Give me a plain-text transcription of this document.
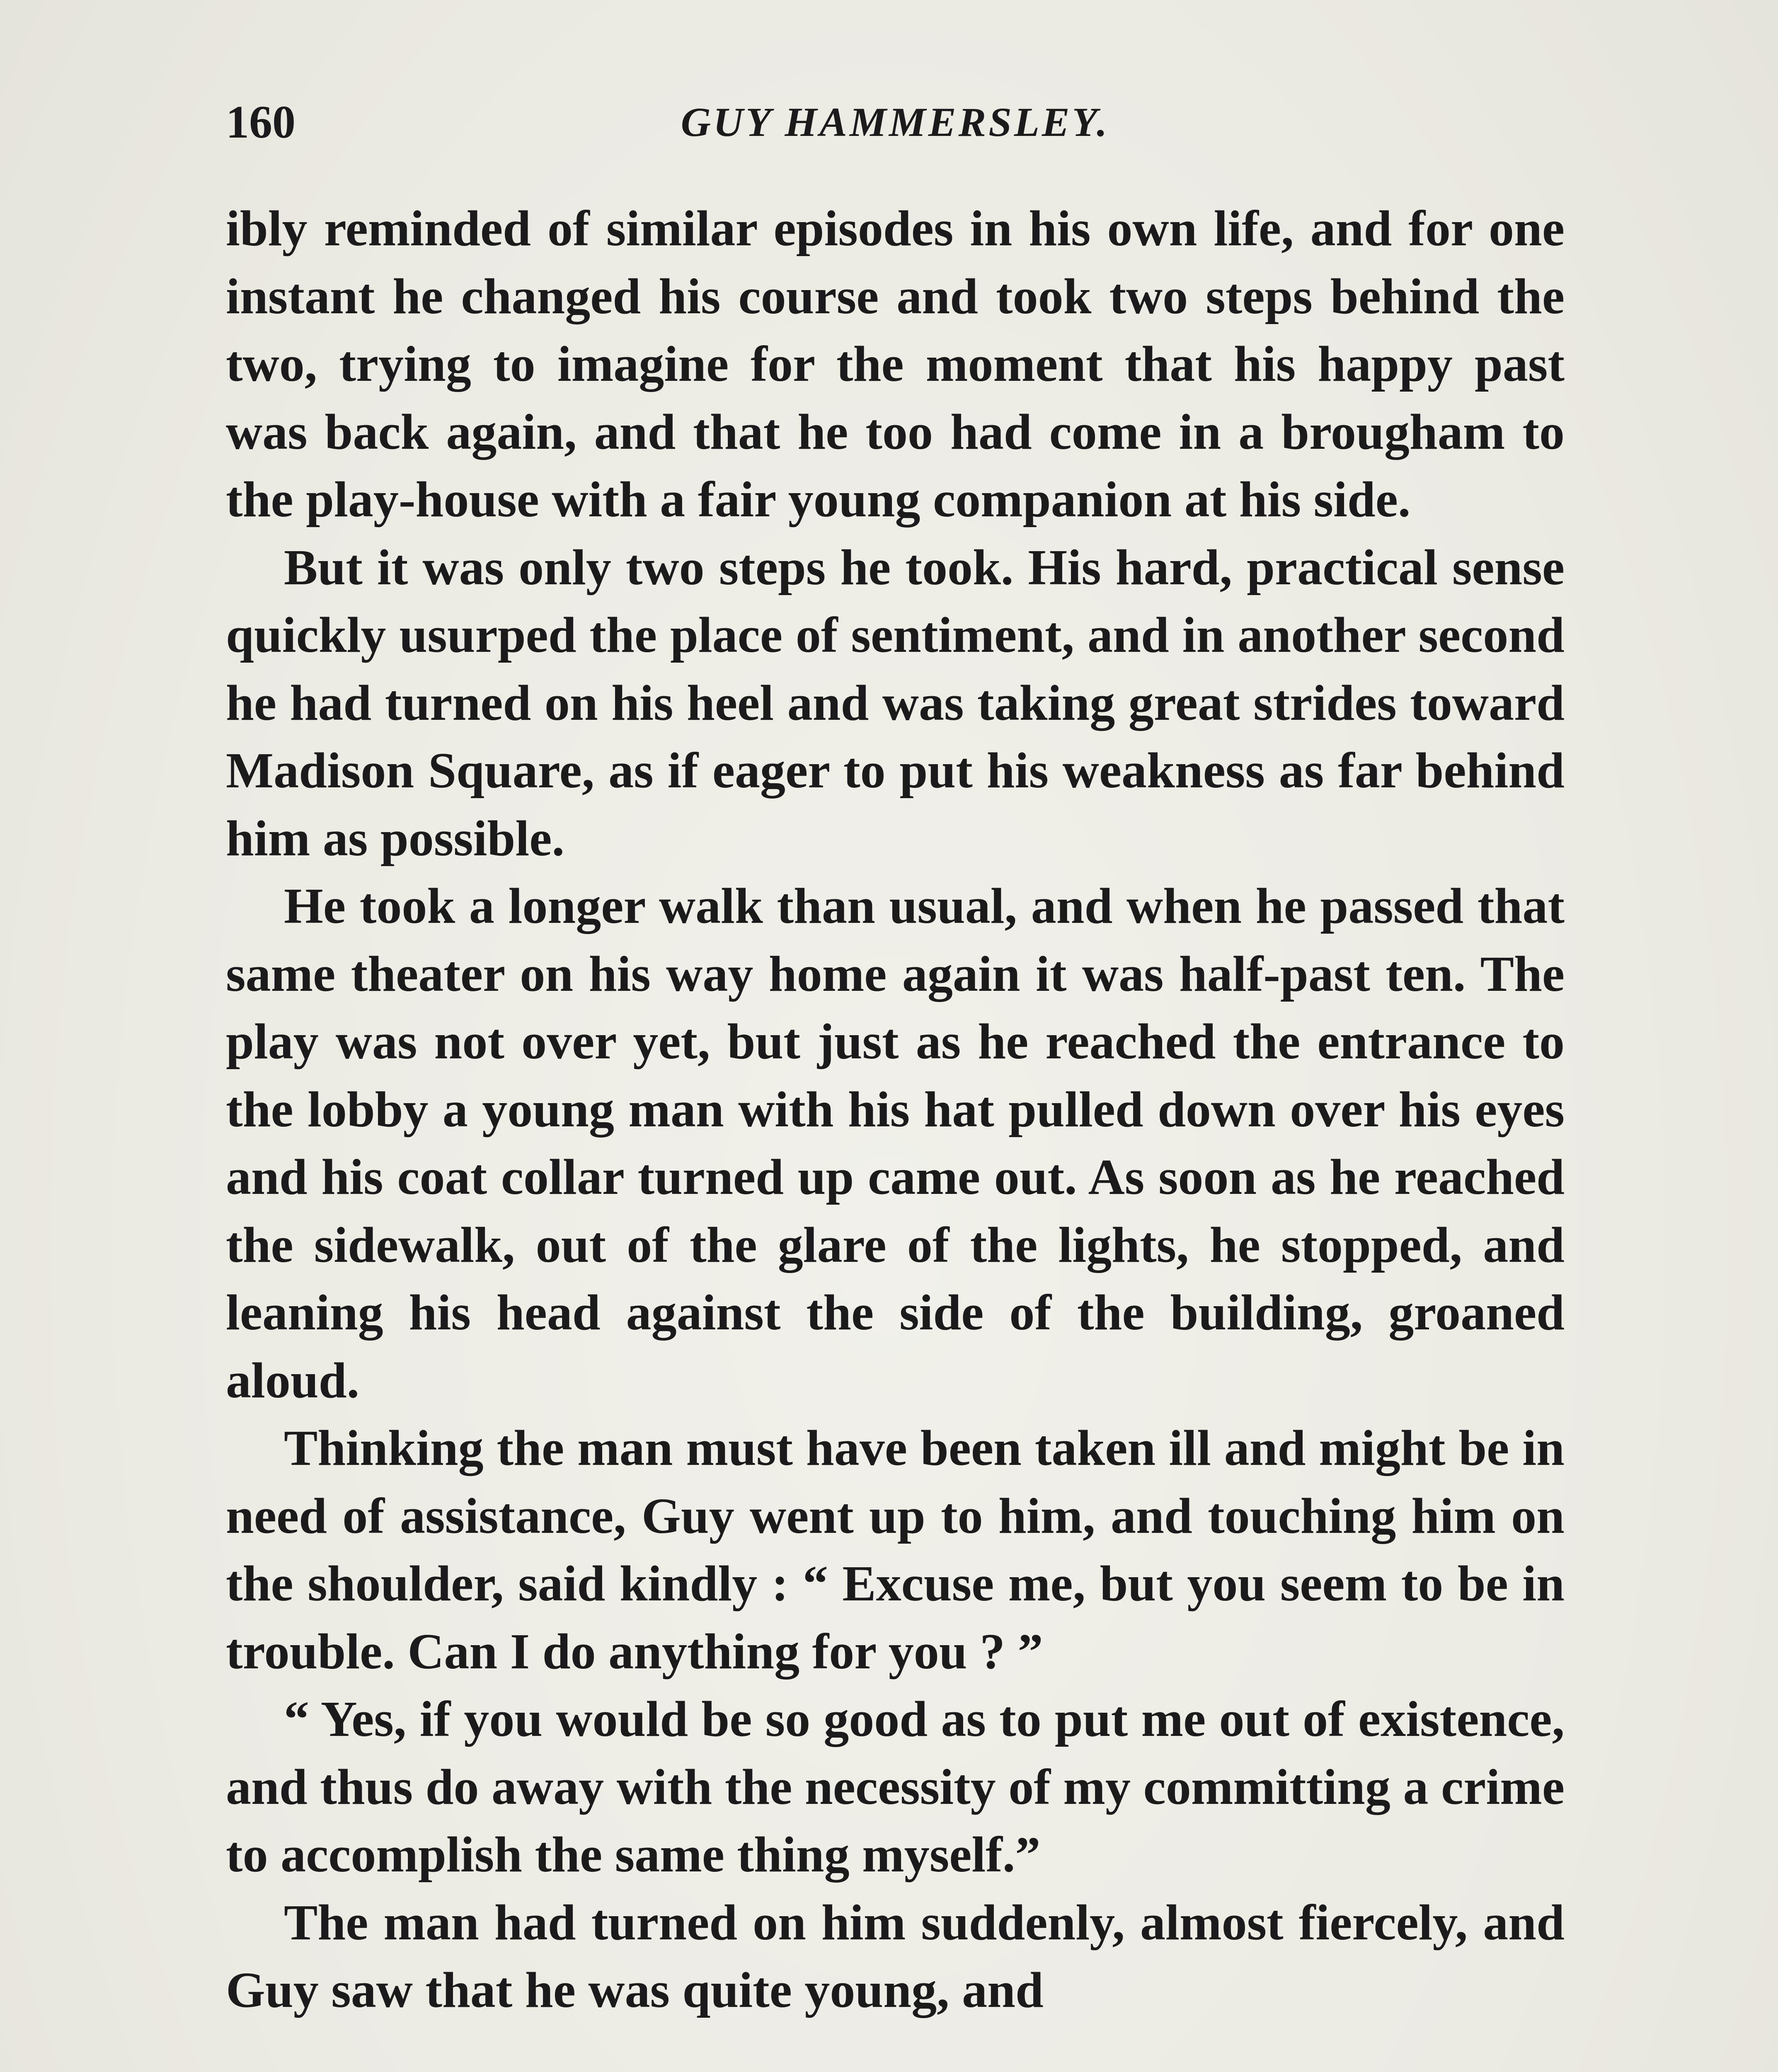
160	GUY HAMMERSLEY.

ibly reminded of similar episodes in his own life, and for one instant he changed his course and took two steps behind the two, trying to imagine for the moment that his happy past was back again, and that he too had come in a brougham to the play-house with a fair young companion at his side.

But it was only two steps he took. His hard, practical sense quickly usurped the place of sentiment, and in another second he had turned on his heel and was taking great strides toward Madison Square, as if eager to put his weakness as far behind him as possible.

He took a longer walk than usual, and when he passed that same theater on his way home again it was half-past ten. The play was not over yet, but just as he reached the entrance to the lobby a young man with his hat pulled down over his eyes and his coat collar turned up came out. As soon as he reached the sidewalk, out of the glare of the lights, he stopped, and leaning his head against the side of the building, groaned aloud.

Thinking the man must have been taken ill and might be in need of assistance, Guy went up to him, and touching him on the shoulder, said kindly : “ Excuse me, but you seem to be in trouble. Can I do anything for you ? ”

“ Yes, if you would be so good as to put me out of existence, and thus do away with the necessity of my committing a crime to accomplish the same thing myself.”

The man had turned on him suddenly, almost fiercely, and Guy saw that he was quite young, and
